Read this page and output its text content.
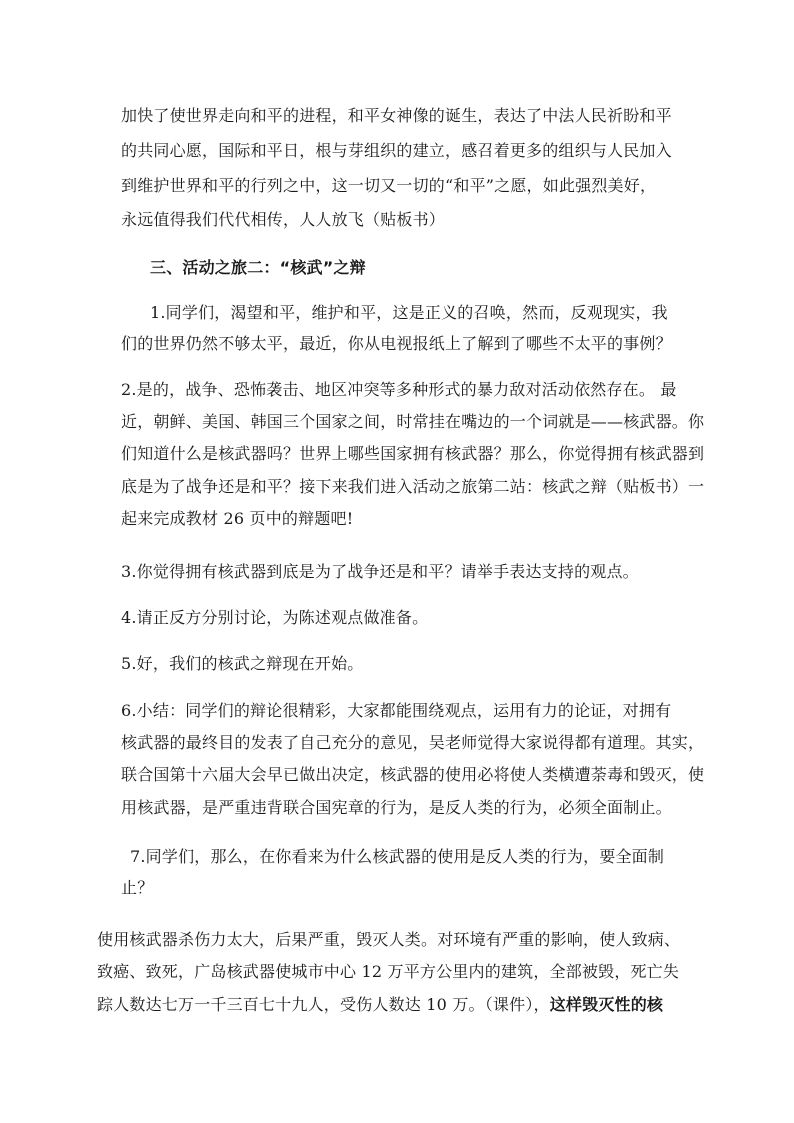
加快了使世界走向和平的进程，和平女神像的诞生，表达了中法人民祈盼和平
的共同心愿，国际和平日，根与芽组织的建立，感召着更多的组织与人民加入
到维护世界和平的行列之中，这一切又一切的“和平”之愿，如此强烈美好，
永远值得我们代代相传，人人放飞（贴板书）
三、活动之旅二：“核武”之辩
1.同学们，渴望和平，维护和平，这是正义的召唤，然而，反观现实，我
们的世界仍然不够太平，最近，你从电视报纸上了解到了哪些不太平的事例？
2.是的，战争、恐怖袭击、地区冲突等多种形式的暴力敌对活动依然存在。 最
近，朝鲜、美国、韩国三个国家之间，时常挂在嘴边的一个词就是——核武器。你
们知道什么是核武器吗？世界上哪些国家拥有核武器？那么，你觉得拥有核武器到
底是为了战争还是和平？接下来我们进入活动之旅第二站：核武之辩（贴板书）一
起来完成教材 26 页中的辩题吧!
3.你觉得拥有核武器到底是为了战争还是和平？请举手表达支持的观点。
4.请正反方分别讨论，为陈述观点做准备。
5.好，我们的核武之辩现在开始。
6.小结：同学们的辩论很精彩，大家都能围绕观点，运用有力的论证，对拥有
核武器的最终目的发表了自己充分的意见，吴老师觉得大家说得都有道理。其实，
联合国第十六届大会早已做出决定，核武器的使用必将使人类横遭荼毒和毁灭，使
用核武器，是严重违背联合国宪章的行为，是反人类的行为，必须全面制止。
7.同学们，那么，在你看来为什么核武器的使用是反人类的行为，要全面制
止？
使用核武器杀伤力太大，后果严重，毁灭人类。对环境有严重的影响，使人致病、
致癌、致死，广岛核武器使城市中心 12 万平方公里内的建筑，全部被毁，死亡失
踪人数达七万一千三百七十九人，受伤人数达 10 万。（课件），这样毁灭性的核
